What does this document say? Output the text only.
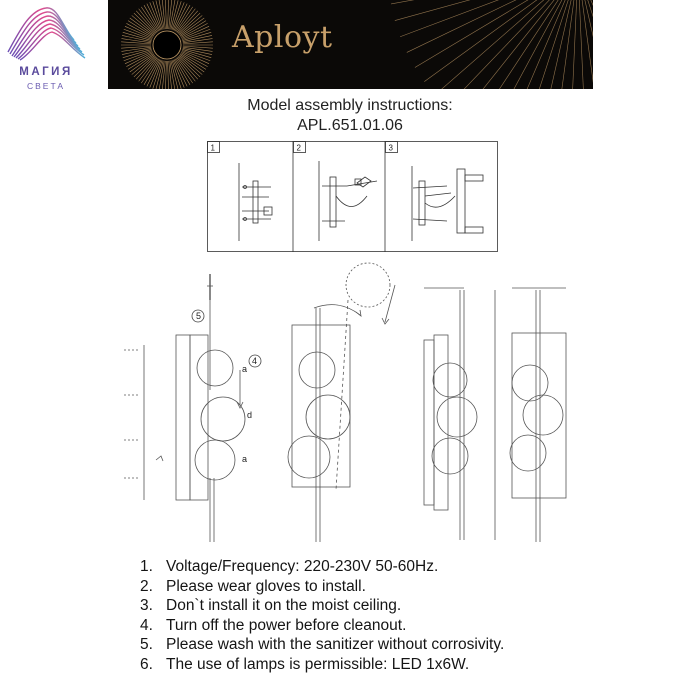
МАГИЯ
СВЕТА
Aployt
Model assembly instructions:
APL.651.01.06
1	2	3
5
4
a
d
a
1. Voltage/Frequency: 220-230V 50-60Hz.
2. Please wear gloves to install.
3. Don`t install it on the moist ceiling.
4. Turn off the power before cleanout.
5. Please wash with the sanitizer without corrosivity.
6. The use of lamps is permissible: LED 1x6W.
